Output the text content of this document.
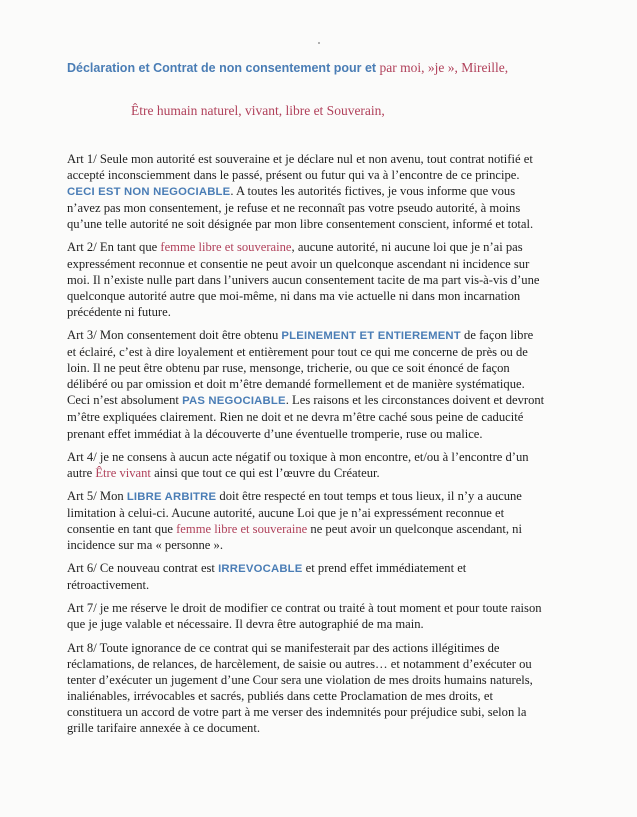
Déclaration et Contrat de non consentement pour et par moi, »je », Mireille,
Être humain naturel, vivant, libre et Souverain,

Art 1/ Seule mon autorité est souveraine et je déclare nul et non avenu, tout contrat notifié et accepté inconsciemment dans le passé, présent ou futur qui va à l’encontre de ce principe. CECI EST NON NEGOCIABLE. A toutes les autorités fictives, je vous informe que vous n’avez pas mon consentement, je refuse et ne reconnaît pas votre pseudo autorité, à moins qu’une telle autorité ne soit désignée par mon libre consentement conscient, informé et total.

Art 2/ En tant que femme libre et souveraine, aucune autorité, ni aucune loi que je n’ai pas expressément reconnue et consentie ne peut avoir un quelconque ascendant ni incidence sur moi. Il n’existe nulle part dans l’univers aucun consentement tacite de ma part vis-à-vis d’une quelconque autorité autre que moi-même, ni dans ma vie actuelle ni dans mon incarnation précédente ni future.

Art 3/ Mon consentement doit être obtenu PLEINEMENT ET ENTIEREMENT de façon libre et éclairé, c’est à dire loyalement et entièrement pour tout ce qui me concerne de près ou de loin. Il ne peut être obtenu par ruse, mensonge, tricherie, ou que ce soit énoncé de façon délibéré ou par omission et doit m’être demandé formellement et de manière systématique. Ceci n’est absolument PAS NEGOCIABLE. Les raisons et les circonstances doivent et devront m’être expliquées clairement. Rien ne doit et ne devra m’être caché sous peine de caducité prenant effet immédiat à la découverte d’une éventuelle tromperie, ruse ou malice.

Art 4/ je ne consens à aucun acte négatif ou toxique à mon encontre, et/ou à l’encontre d’un autre Être vivant ainsi que tout ce qui est l’œuvre du Créateur.

Art 5/ Mon LIBRE ARBITRE doit être respecté en tout temps et tous lieux, il n’y a aucune limitation à celui-ci. Aucune autorité, aucune Loi que je n’ai expressément reconnue et consentie en tant que femme libre et souveraine ne peut avoir un quelconque ascendant, ni incidence sur ma « personne ».

Art 6/ Ce nouveau contrat est IRREVOCABLE et prend effet immédiatement et rétroactivement.

Art 7/ je me réserve le droit de modifier ce contrat ou traité à tout moment et pour toute raison que je juge valable et nécessaire. Il devra être autographié de ma main.

Art 8/ Toute ignorance de ce contrat qui se manifesterait par des actions illégitimes de réclamations, de relances, de harcèlement, de saisie ou autres… et notamment d’exécuter ou tenter d’exécuter un jugement d’une Cour sera une violation de mes droits humains naturels, inaliénables, irrévocables et sacrés, publiés dans cette Proclamation de mes droits, et constituera un accord de votre part à me verser des indemnités pour préjudice subi, selon la grille tarifaire annexée à ce document.
